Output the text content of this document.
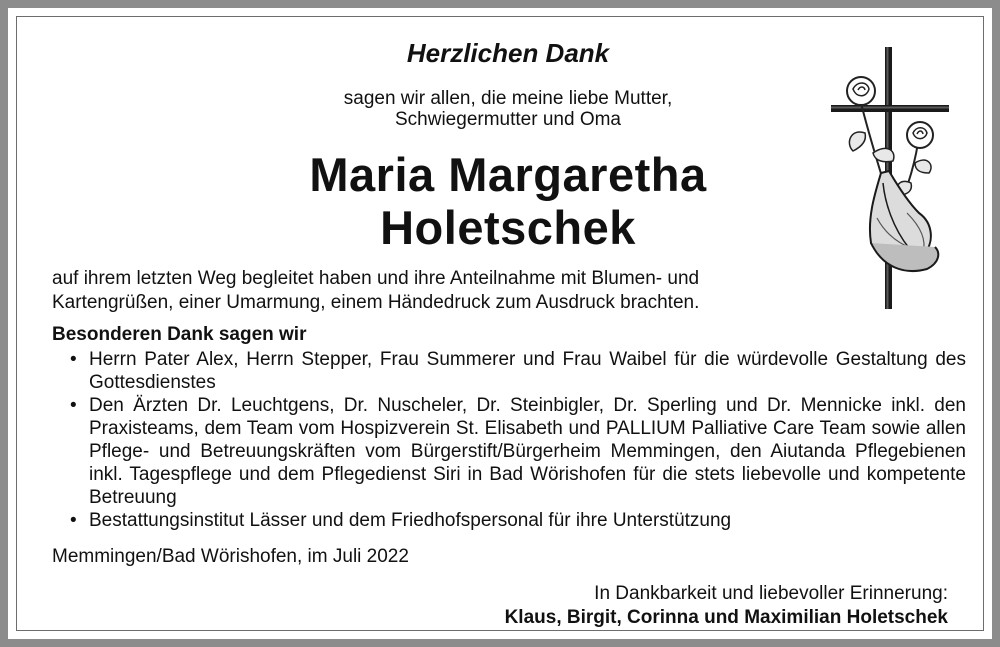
Herzlichen Dank
sagen wir allen, die meine liebe Mutter,
Schwiegermutter und Oma
Maria Margaretha
Holetschek
auf ihrem letzten Weg begleitet haben und ihre Anteilnahme mit Blumen- und
Kartengrüßen, einer Umarmung, einem Händedruck zum Ausdruck brachten.
Besonderen Dank sagen wir
• Herrn Pater Alex, Herrn Stepper, Frau Summerer und Frau Waibel für die würdevolle Gestaltung des Gottesdienstes
• Den Ärzten Dr. Leuchtgens, Dr. Nuscheler, Dr. Steinbigler, Dr. Sperling und Dr. Mennicke inkl. den Praxisteams, dem Team vom Hospizverein St. Elisabeth und PALLIUM Palliative Care Team sowie allen Pflege- und Betreuungskräften vom Bürgerstift/Bürgerheim Memmingen, den Aiutanda Pflegebienen inkl. Tagespflege und dem Pflegedienst Siri in Bad Wörishofen für die stets liebevolle und kompetente Betreuung
• Bestattungsinstitut Lässer und dem Friedhofspersonal für ihre Unterstützung
Memmingen/Bad Wörishofen, im Juli 2022
In Dankbarkeit und liebevoller Erinnerung:
Klaus, Birgit, Corinna und Maximilian Holetschek
